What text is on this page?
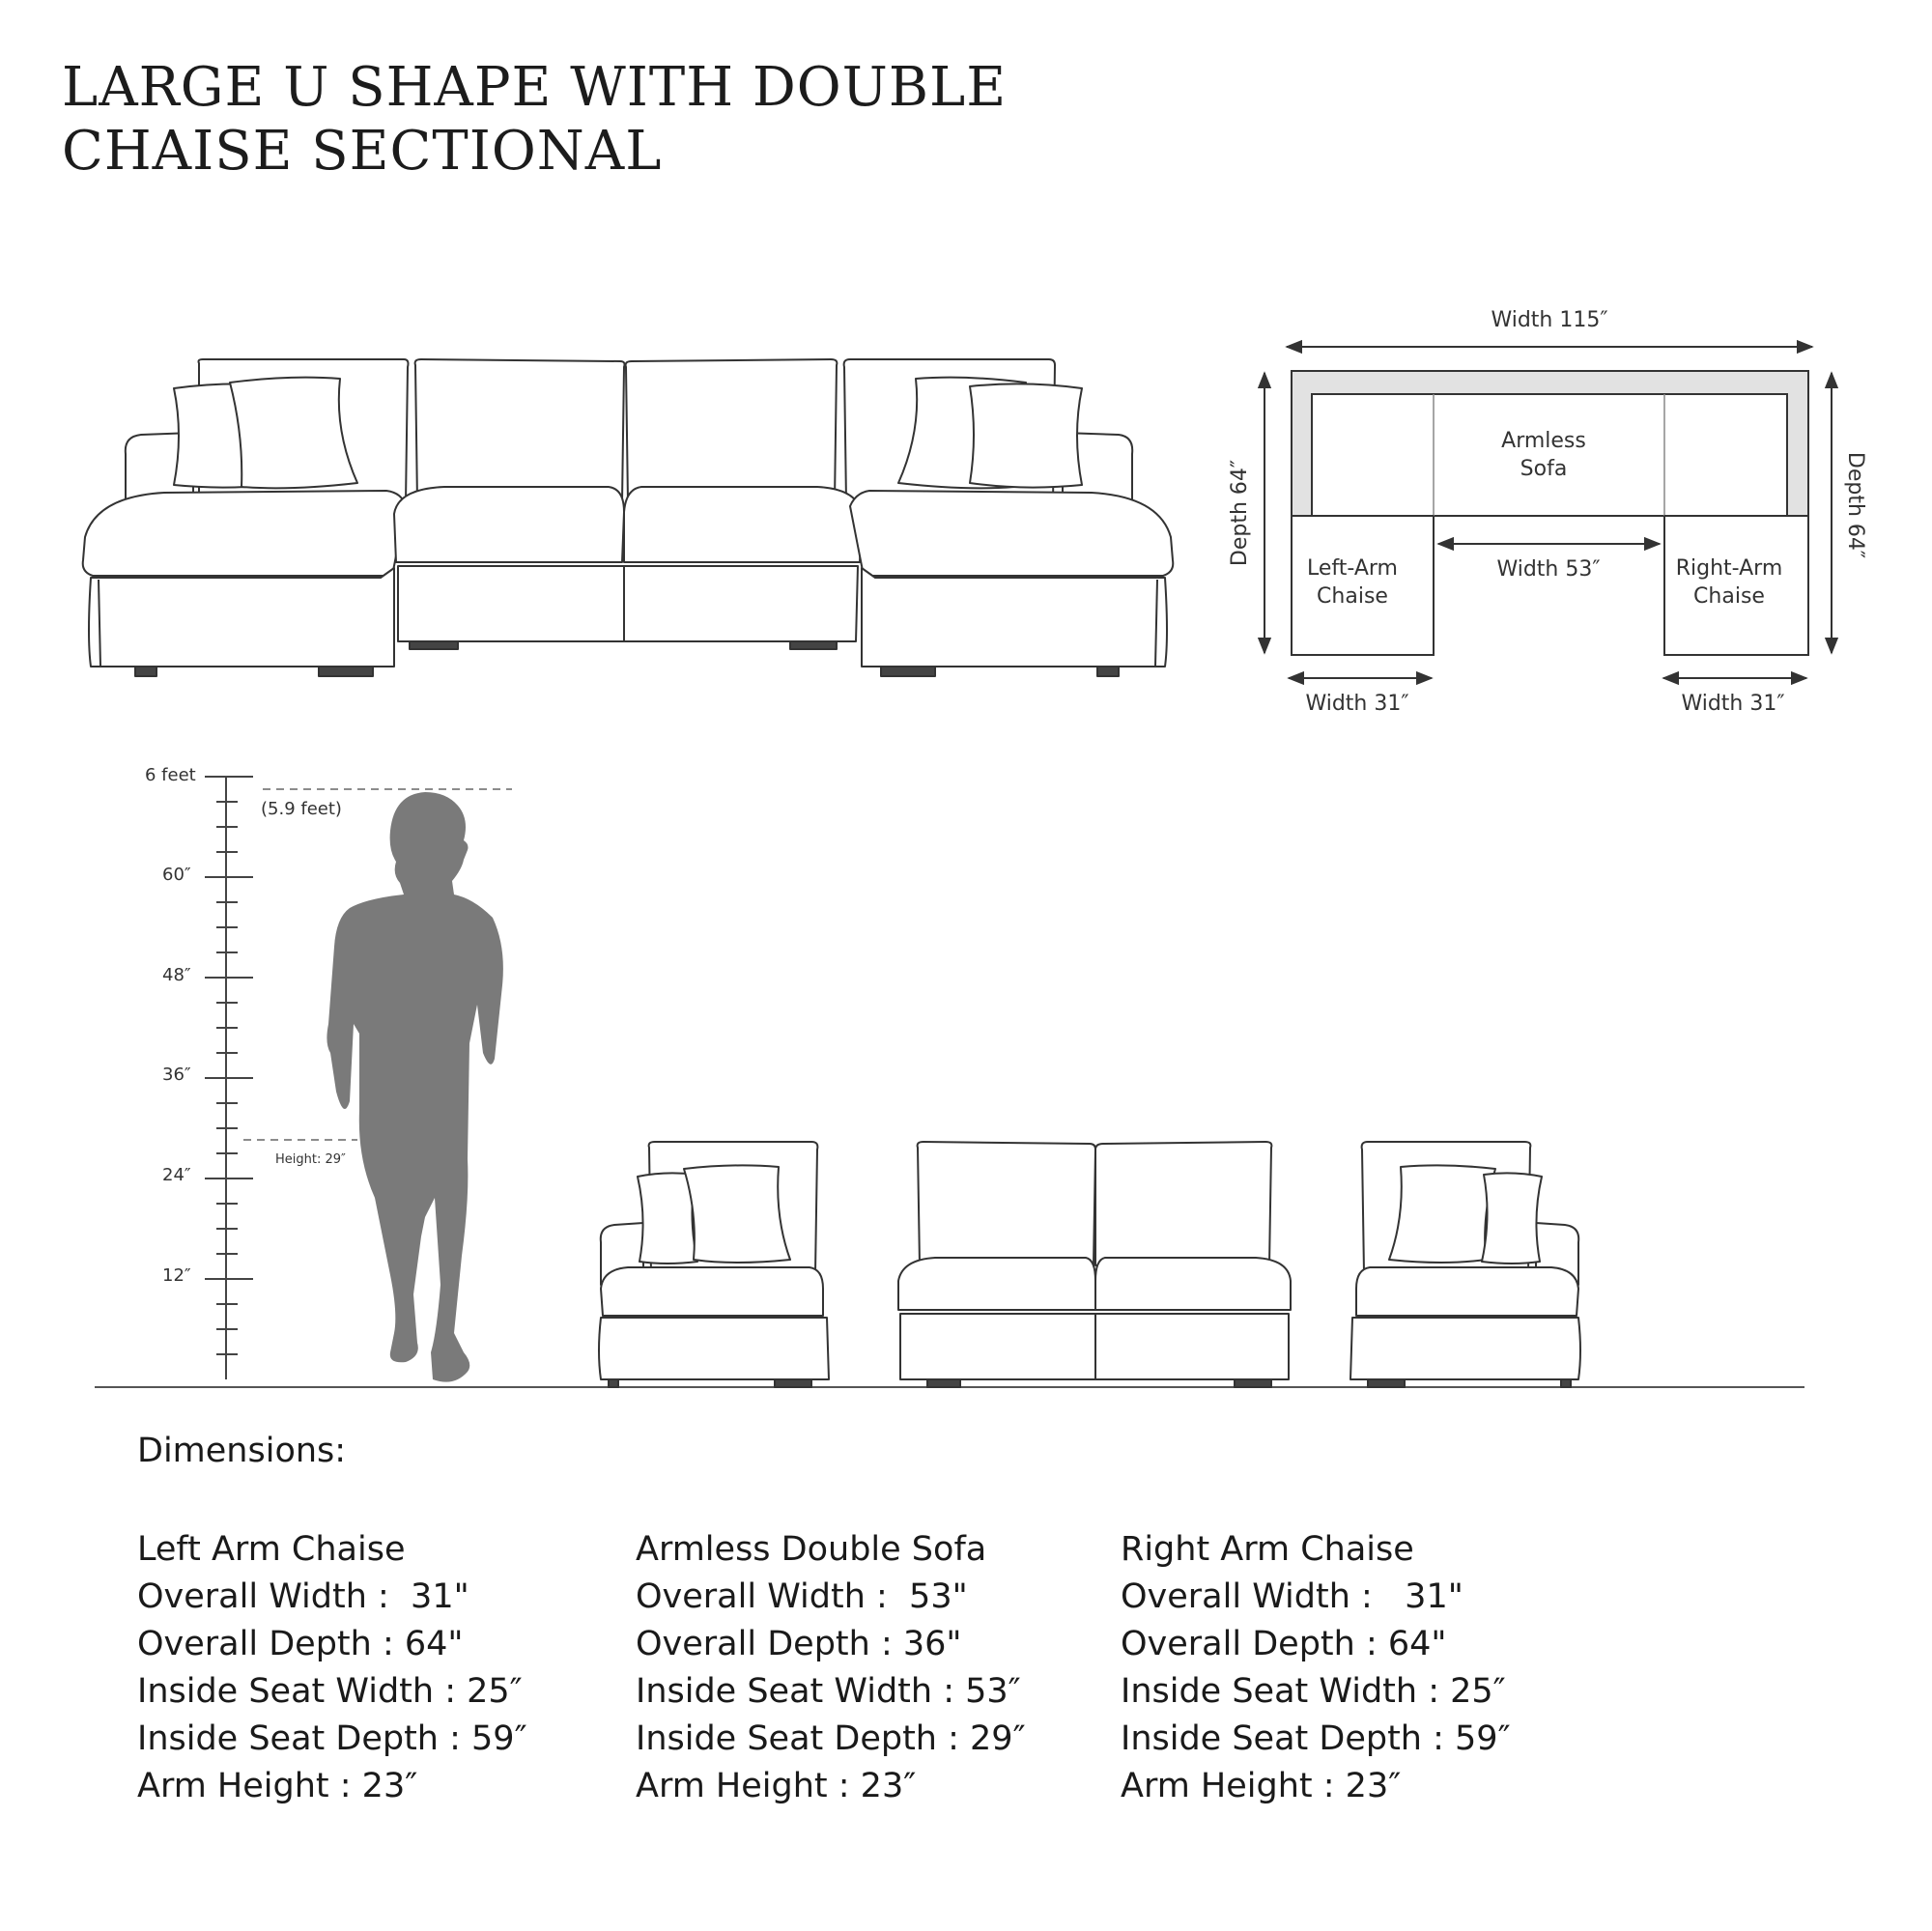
LARGE U SHAPE WITH DOUBLE
CHAISE SECTIONAL
Width 115″
Depth 64″	Depth 64″
Armless
Sofa
Width 53″
Left-Arm
Chaise
Right-Arm
Chaise
Width 31″	Width 31″
6 feet
(5.9 feet)
Height: 29″
60″
48″
36″
24″
12″
Dimensions:
Left Arm Chaise
Overall Width :  31"
Overall Depth : 64"
Inside Seat Width : 25″
Inside Seat Depth : 59″
Arm Height : 23″
Armless Double Sofa
Overall Width :  53"
Overall Depth : 36"
Inside Seat Width : 53″
Inside Seat Depth : 29″
Arm Height : 23″
Right Arm Chaise
Overall Width :   31"
Overall Depth : 64"
Inside Seat Width : 25″
Inside Seat Depth : 59″
Arm Height : 23″
